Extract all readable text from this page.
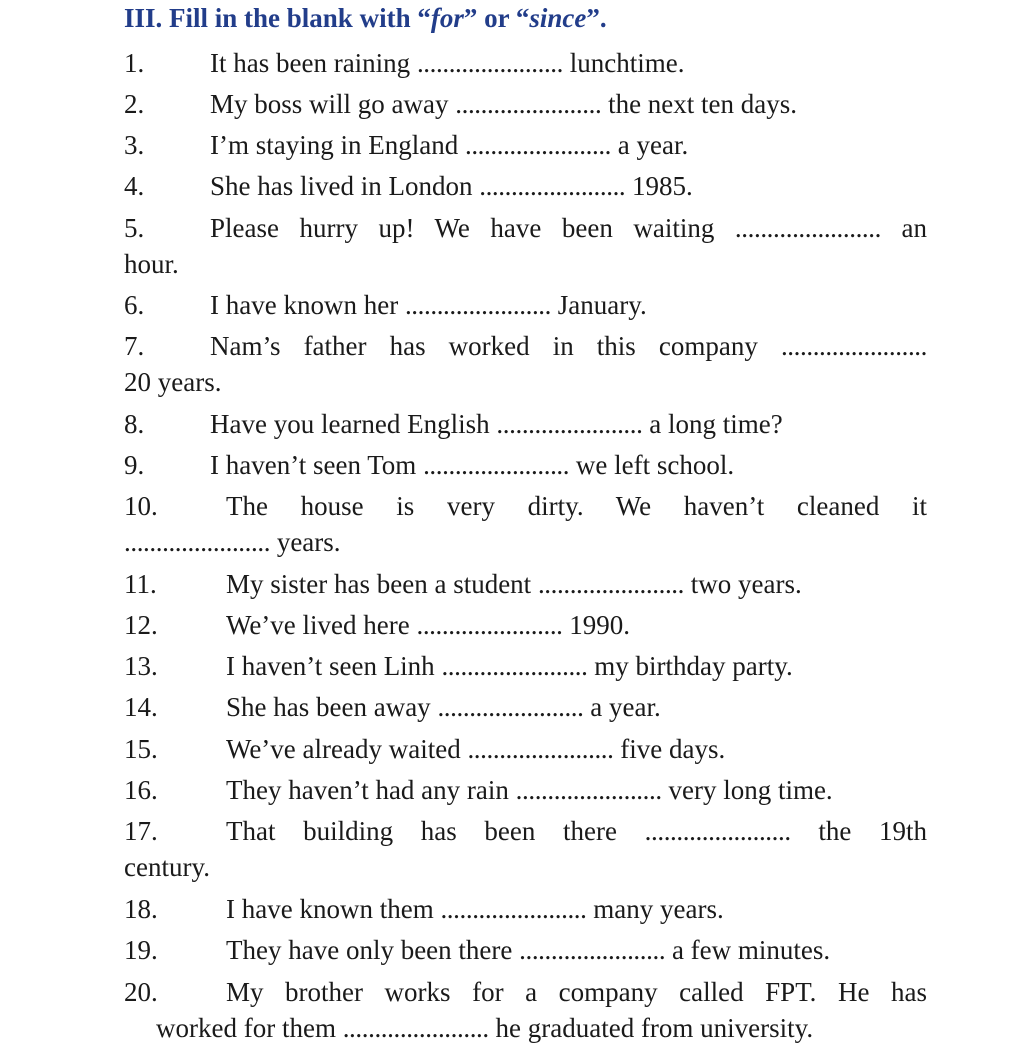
III. Fill in the blank with “for” or “since”.
1.	It has been raining ....................... lunchtime.
2.	My boss will go away ....................... the next ten days.
3.	I’m staying in England ....................... a year.
4.	She has lived in London ....................... 1985.
5.	Please hurry up! We have been waiting ....................... an
hour.
6.	I have known her ....................... January.
7.	Nam’s father has worked in this company .......................
20 years.
8.	Have you learned English ....................... a long time?
9.	I haven’t seen Tom ....................... we left school.
10.	The house is very dirty. We haven’t cleaned it
....................... years.
11.	My sister has been a student ....................... two years.
12.	We’ve lived here ....................... 1990.
13.	I haven’t seen Linh ....................... my birthday party.
14.	She has been away ....................... a year.
15.	We’ve already waited ....................... five days.
16.	They haven’t had any rain ....................... very long time.
17.	That building has been there ....................... the 19th
century.
18.	I have known them ....................... many years.
19.	They have only been there ....................... a few minutes.
20.	My brother works for a company called FPT. He has
worked for them ....................... he graduated from university.
